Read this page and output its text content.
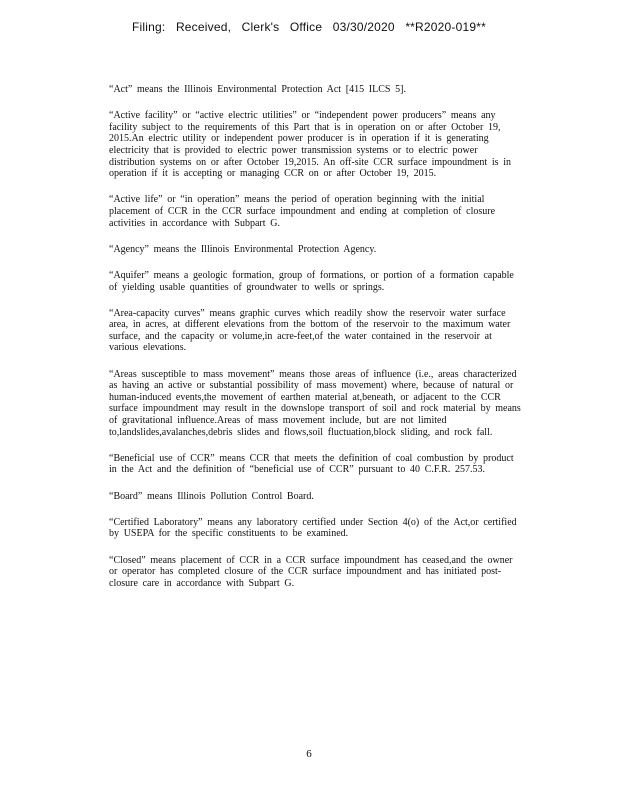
Filing: Received, Clerk's Office 03/30/2020 **R2020-019**

“Act” means the Illinois Environmental Protection Act [415 ILCS 5].

“Active facility” or “active electric utilities” or “independent power producers” means any facility subject to the requirements of this Part that is in operation on or after October 19, 2015.An electric utility or independent power producer is in operation if it is generating electricity that is provided to electric power transmission systems or to electric power distribution systems on or after October 19,2015. An off-site CCR surface impoundment is in operation if it is accepting or managing CCR on or after October 19, 2015.

“Active life” or “in operation” means the period of operation beginning with the initial placement of CCR in the CCR surface impoundment and ending at completion of closure activities in accordance with Subpart G.

“Agency” means the Illinois Environmental Protection Agency.

“Aquifer” means a geologic formation, group of formations, or portion of a formation capable of yielding usable quantities of groundwater to wells or springs.

“Area-capacity curves” means graphic curves which readily show the reservoir water surface area, in acres, at different elevations from the bottom of the reservoir to the maximum water surface, and the capacity or volume,in acre-feet,of the water contained in the reservoir at various elevations.

“Areas susceptible to mass movement” means those areas of influence (i.e., areas characterized as having an active or substantial possibility of mass movement) where, because of natural or human-induced events,the movement of earthen material at,beneath, or adjacent to the CCR surface impoundment may result in the downslope transport of soil and rock material by means of gravitational influence.Areas of mass movement include, but are not limited to,landslides,avalanches,debris slides and flows,soil fluctuation,block sliding, and rock fall.

“Beneficial use of CCR” means CCR that meets the definition of coal combustion by product in the Act and the definition of “beneficial use of CCR” pursuant to 40 C.F.R. 257.53.

“Board” means Illinois Pollution Control Board.

“Certified Laboratory” means any laboratory certified under Section 4(o) of the Act,or certified by USEPA for the specific constituents to be examined.

“Closed” means placement of CCR in a CCR surface impoundment has ceased,and the owner or operator has completed closure of the CCR surface impoundment and has initiated post-closure care in accordance with Subpart G.

6
